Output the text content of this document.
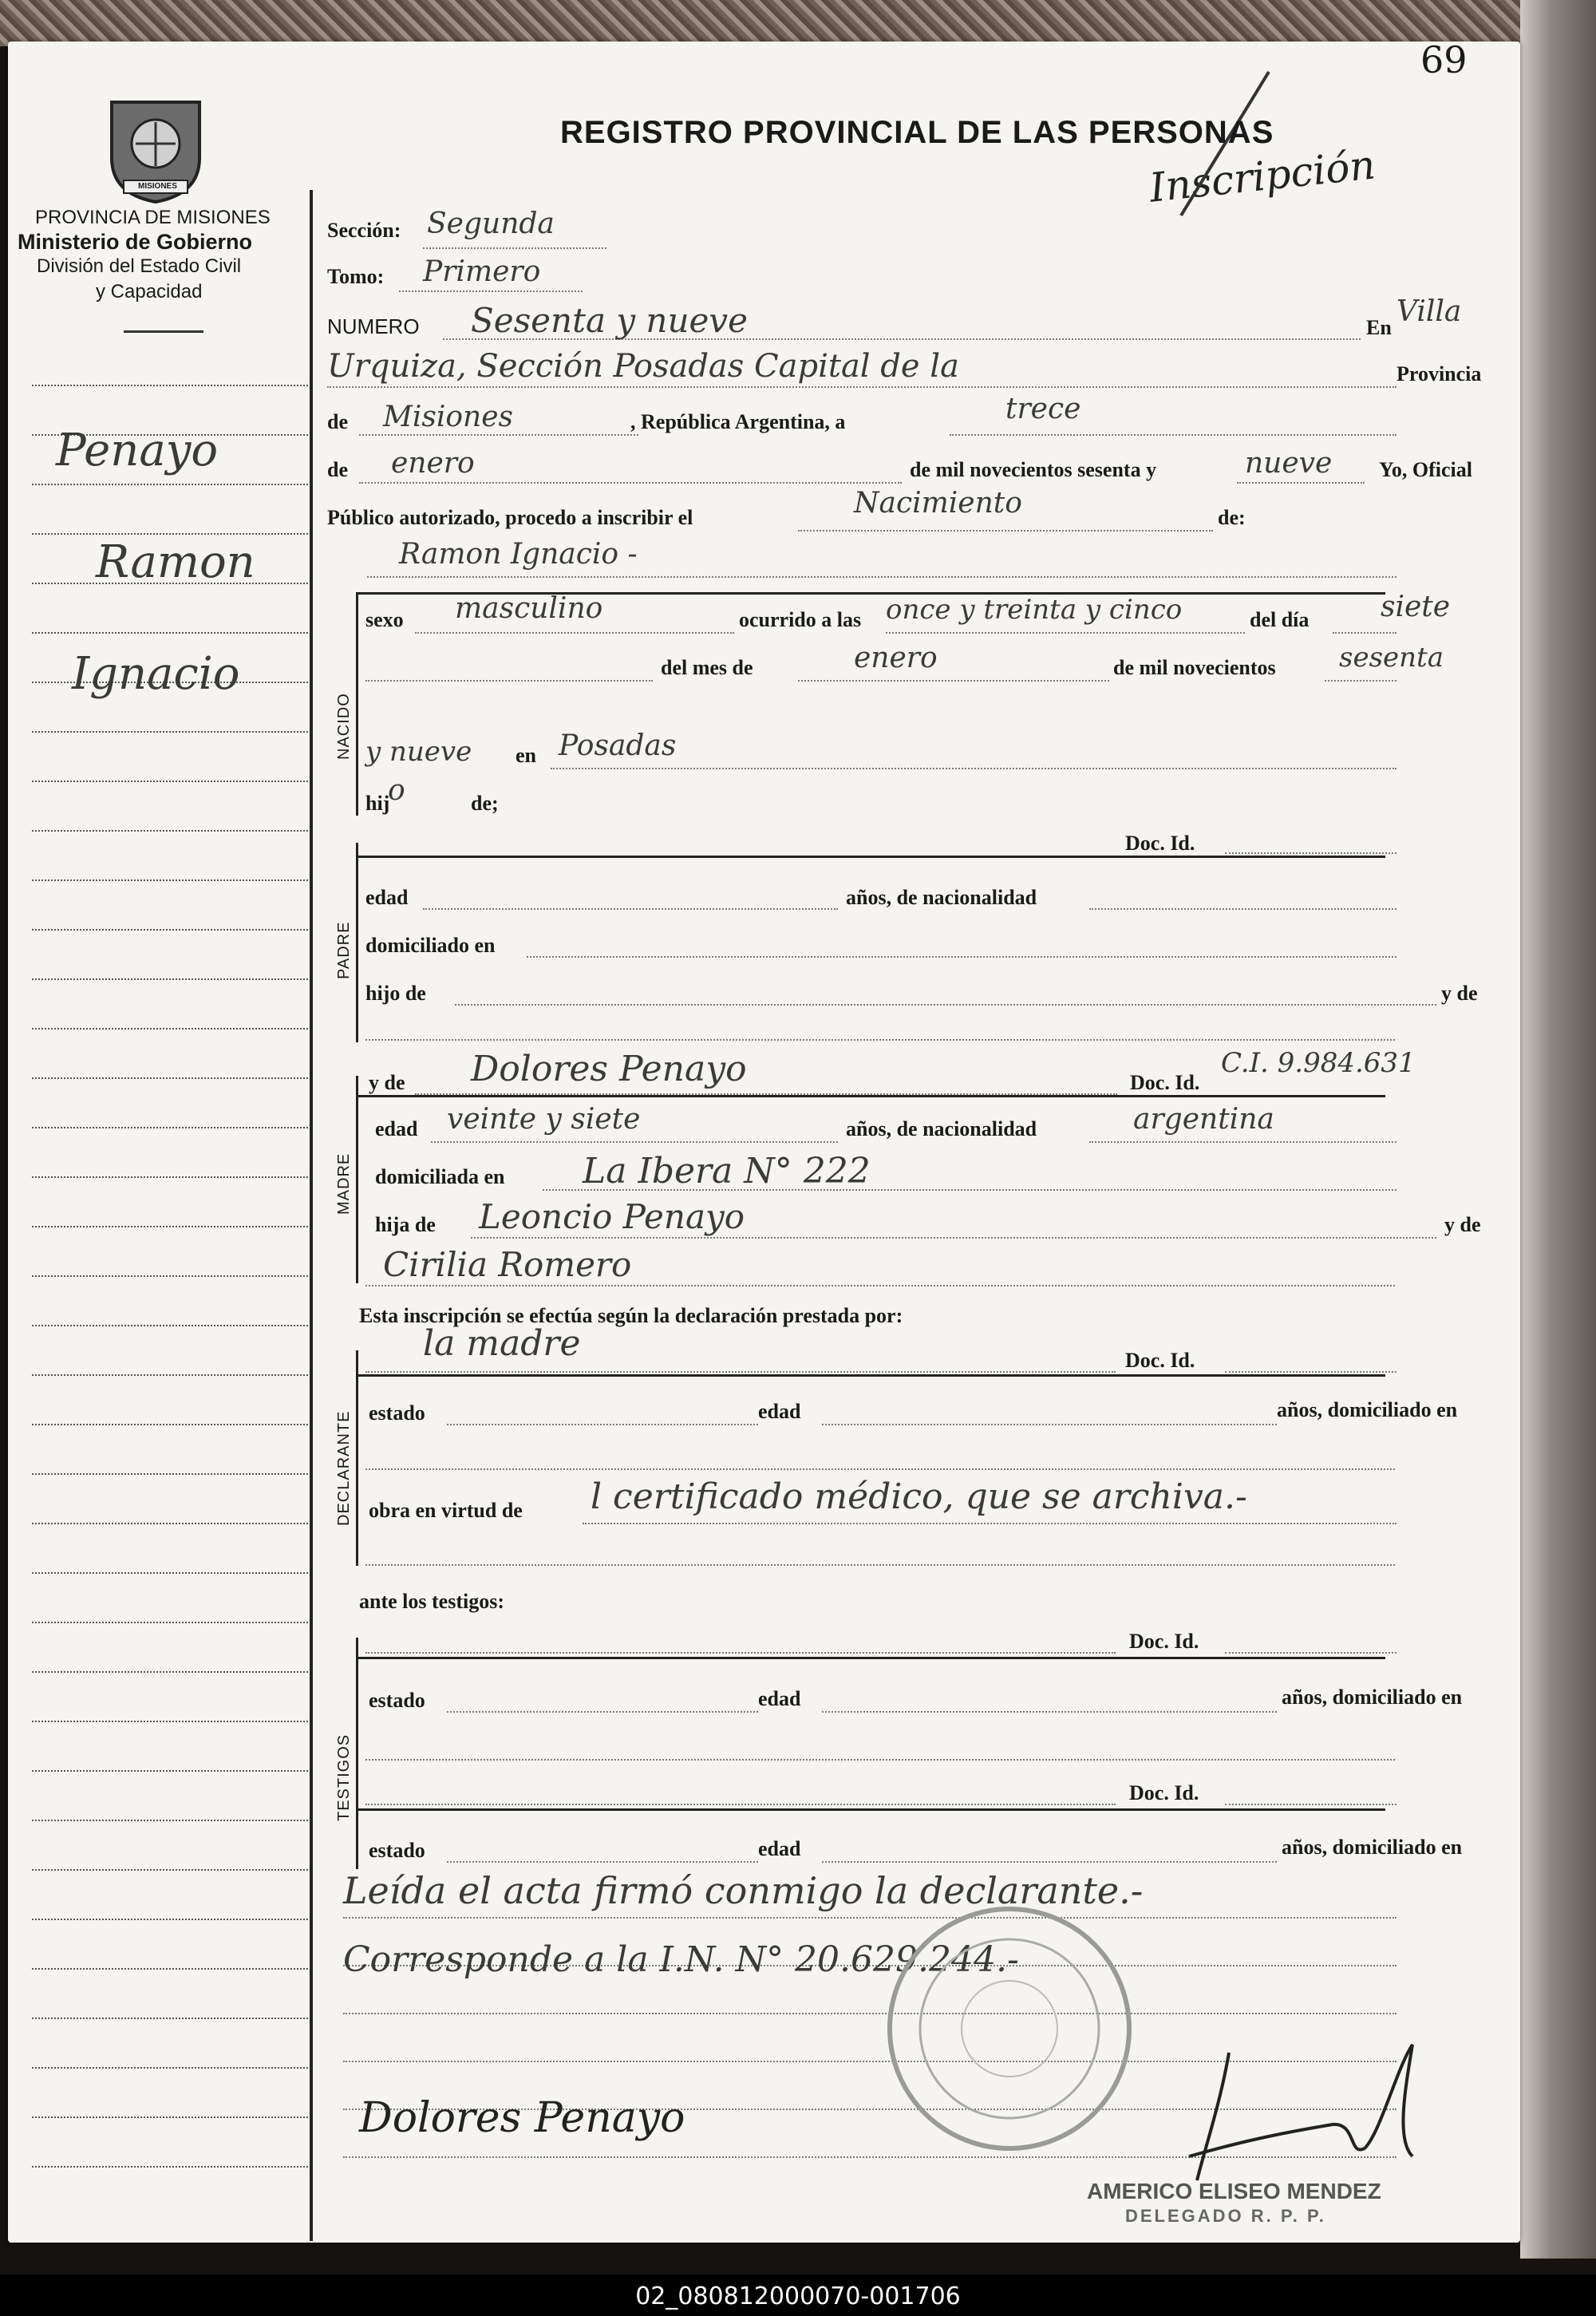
69
Inscripción
MISIONES
PROVINCIA DE MISIONES
Ministerio de Gobierno
División del Estado Civil
y Capacidad
REGISTRO PROVINCIAL DE LAS PERSONAS
Penayo
Ramon
Ignacio
Sección: Segunda
Tomo: Primero
NUMERO Sesenta y nueve	En Villa
Urquiza, Sección Posadas Capital de la	Provincia
de Misiones	, República Argentina, a	trece
de enero	de mil novecientos sesenta y	nueve Yo, Oficial
Público autorizado, procedo a inscribir el	Nacimiento	de:
Ramon Ignacio -
NACIDO
sexo masculino	ocurrido a las once y treinta y cinco	del día siete
del mes de	enero	de mil novecientos sesenta
y nueve en Posadas
hij
o	de;
PADRE
Doc. Id.
edad	años, de nacionalidad
domiciliado en
hijo de	y de
MADRE
y de Dolores Penayo	Doc. Id.
C.I. 9.984.631
edad veinte y siete	años, de nacionalidad	argentina
domiciliada en La Ibera N° 222
hija de Leoncio Penayo	y de
Cirilia Romero
Esta inscripción se efectúa según la declaración prestada por:
DECLARANTE
la madre	Doc. Id.
estado	edad	años, domiciliado en
obra en virtud de l certificado médico, que se archiva.-
ante los testigos:
TESTIGOS
Doc. Id.
estado	edad	años, domiciliado en
Doc. Id.
estado	edad	años, domiciliado en
Leída el acta firmó conmigo la declarante.-
Corresponde a la I.N. N° 20.629.244.-
Dolores Penayo
AMERICO ELISEO MENDEZ
DELEGADO R. P. P.
02_080812000070-001706
